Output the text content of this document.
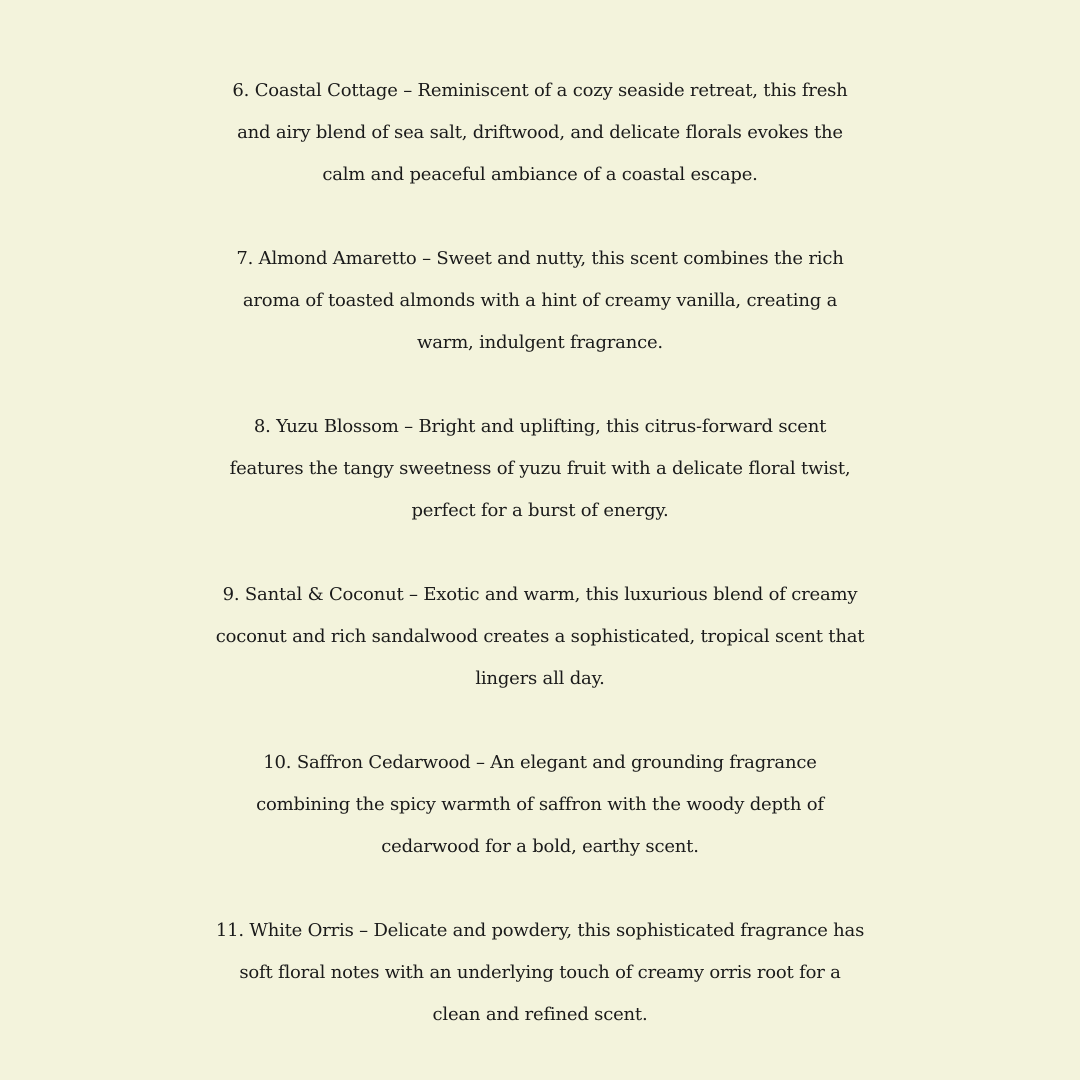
6. Coastal Cottage – Reminiscent of a cozy seaside retreat, this fresh
and airy blend of sea salt, driftwood, and delicate florals evokes the
calm and peaceful ambiance of a coastal escape.
7. Almond Amaretto – Sweet and nutty, this scent combines the rich
aroma of toasted almonds with a hint of creamy vanilla, creating a
warm, indulgent fragrance.
8. Yuzu Blossom – Bright and uplifting, this citrus-forward scent
features the tangy sweetness of yuzu fruit with a delicate floral twist,
perfect for a burst of energy.
9. Santal & Coconut – Exotic and warm, this luxurious blend of creamy
coconut and rich sandalwood creates a sophisticated, tropical scent that
lingers all day.
10. Saffron Cedarwood – An elegant and grounding fragrance
combining the spicy warmth of saffron with the woody depth of
cedarwood for a bold, earthy scent.
11. White Orris – Delicate and powdery, this sophisticated fragrance has
soft floral notes with an underlying touch of creamy orris root for a
clean and refined scent.
